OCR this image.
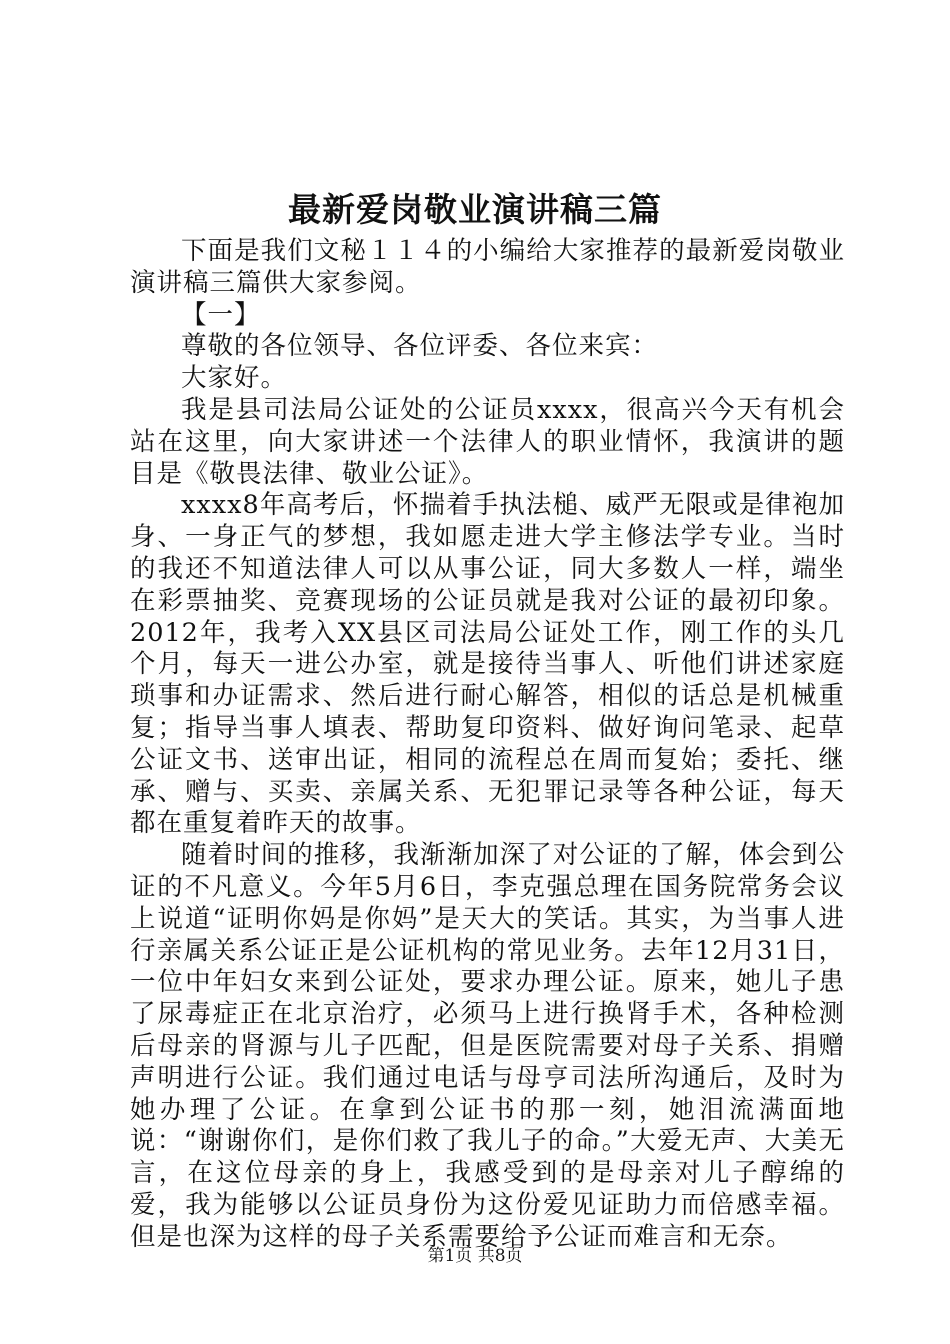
最新爱岗敬业演讲稿三篇

下面是我们文秘１１４的小编给大家推荐的最新爱岗敬业演讲稿三篇供大家参阅。

【一】

尊敬的各位领导、各位评委、各位来宾：

大家好。

我是县司法局公证处的公证员xxxx，很高兴今天有机会站在这里，向大家讲述一个法律人的职业情怀，我演讲的题目是《敬畏法律、敬业公证》。

xxxx8年高考后，怀揣着手执法槌、威严无限或是律袍加身、一身正气的梦想，我如愿走进大学主修法学专业。当时的我还不知道法律人可以从事公证，同大多数人一样，端坐在彩票抽奖、竞赛现场的公证员就是我对公证的最初印象。2012年，我考入XX县区司法局公证处工作，刚工作的头几个月，每天一进公办室，就是接待当事人、听他们讲述家庭琐事和办证需求、然后进行耐心解答，相似的话总是机械重复；指导当事人填表、帮助复印资料、做好询问笔录、起草公证文书、送审出证，相同的流程总在周而复始；委托、继承、赠与、买卖、亲属关系、无犯罪记录等各种公证，每天都在重复着昨天的故事。

随着时间的推移，我渐渐加深了对公证的了解，体会到公证的不凡意义。今年5月6日，李克强总理在国务院常务会议上说道“证明你妈是你妈”是天大的笑话。其实，为当事人进行亲属关系公证正是公证机构的常见业务。去年12月31日，一位中年妇女来到公证处，要求办理公证。原来，她儿子患了尿毒症正在北京治疗，必须马上进行换肾手术，各种检测后母亲的肾源与儿子匹配，但是医院需要对母子关系、捐赠声明进行公证。我们通过电话与母亨司法所沟通后，及时为她办理了公证。在拿到公证书的那一刻，她泪流满面地说：“谢谢你们，是你们救了我儿子的命。”大爱无声、大美无言，在这位母亲的身上，我感受到的是母亲对儿子醇绵的爱，我为能够以公证员身份为这份爱见证助力而倍感幸福。但是也深为这样的母子关系需要给予公证而难言和无奈。

第1页 共8页
